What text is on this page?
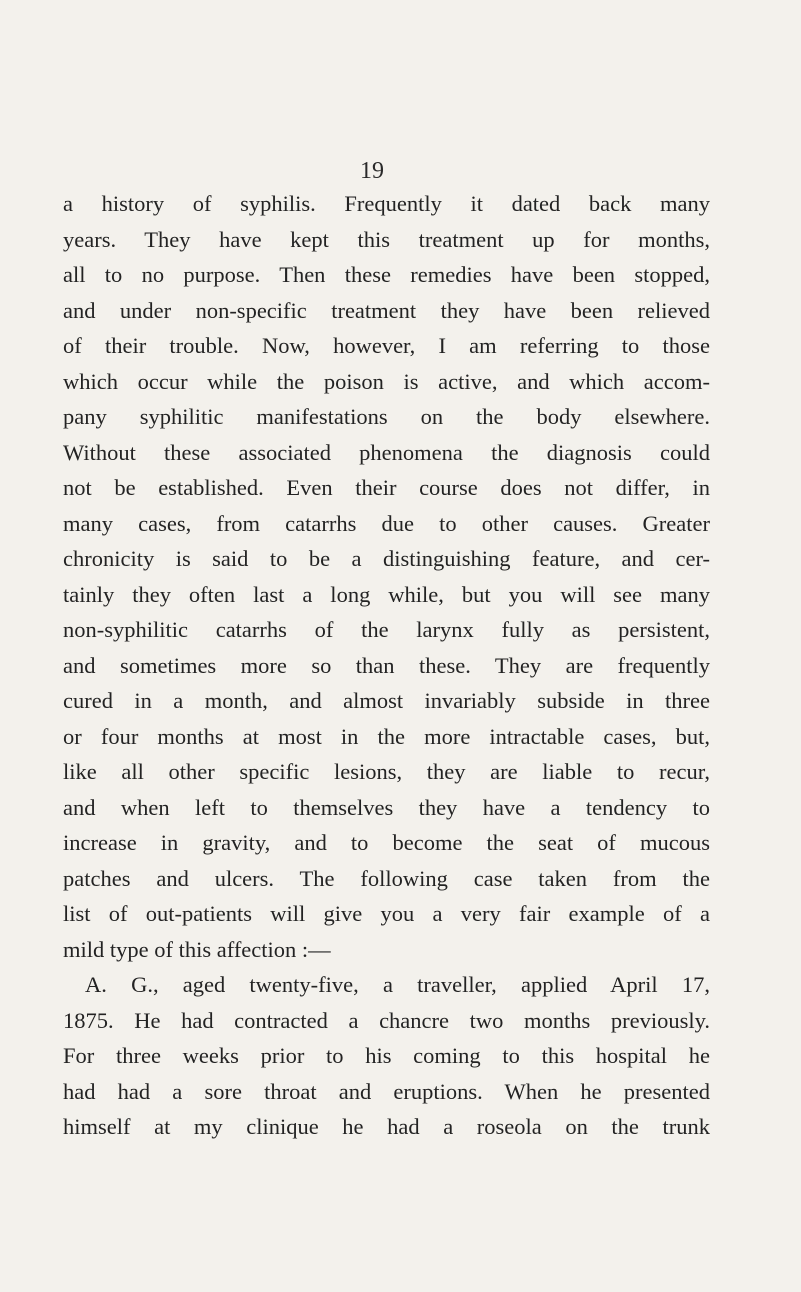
19
a history of syphilis. Frequently it dated back many
years. They have kept this treatment up for months,
all to no purpose. Then these remedies have been stopped,
and under non-specific treatment they have been relieved
of their trouble. Now, however, I am referring to those
which occur while the poison is active, and which accom-
pany syphilitic manifestations on the body elsewhere.
Without these associated phenomena the diagnosis could
not be established. Even their course does not differ, in
many cases, from catarrhs due to other causes. Greater
chronicity is said to be a distinguishing feature, and cer-
tainly they often last a long while, but you will see many
non-syphilitic catarrhs of the larynx fully as persistent,
and sometimes more so than these. They are frequently
cured in a month, and almost invariably subside in three
or four months at most in the more intractable cases, but,
like all other specific lesions, they are liable to recur,
and when left to themselves they have a tendency to
increase in gravity, and to become the seat of mucous
patches and ulcers. The following case taken from the
list of out-patients will give you a very fair example of a
mild type of this affection :—
A. G., aged twenty-five, a traveller, applied April 17,
1875. He had contracted a chancre two months previously.
For three weeks prior to his coming to this hospital he
had had a sore throat and eruptions. When he presented
himself at my clinique he had a roseola on the trunk
